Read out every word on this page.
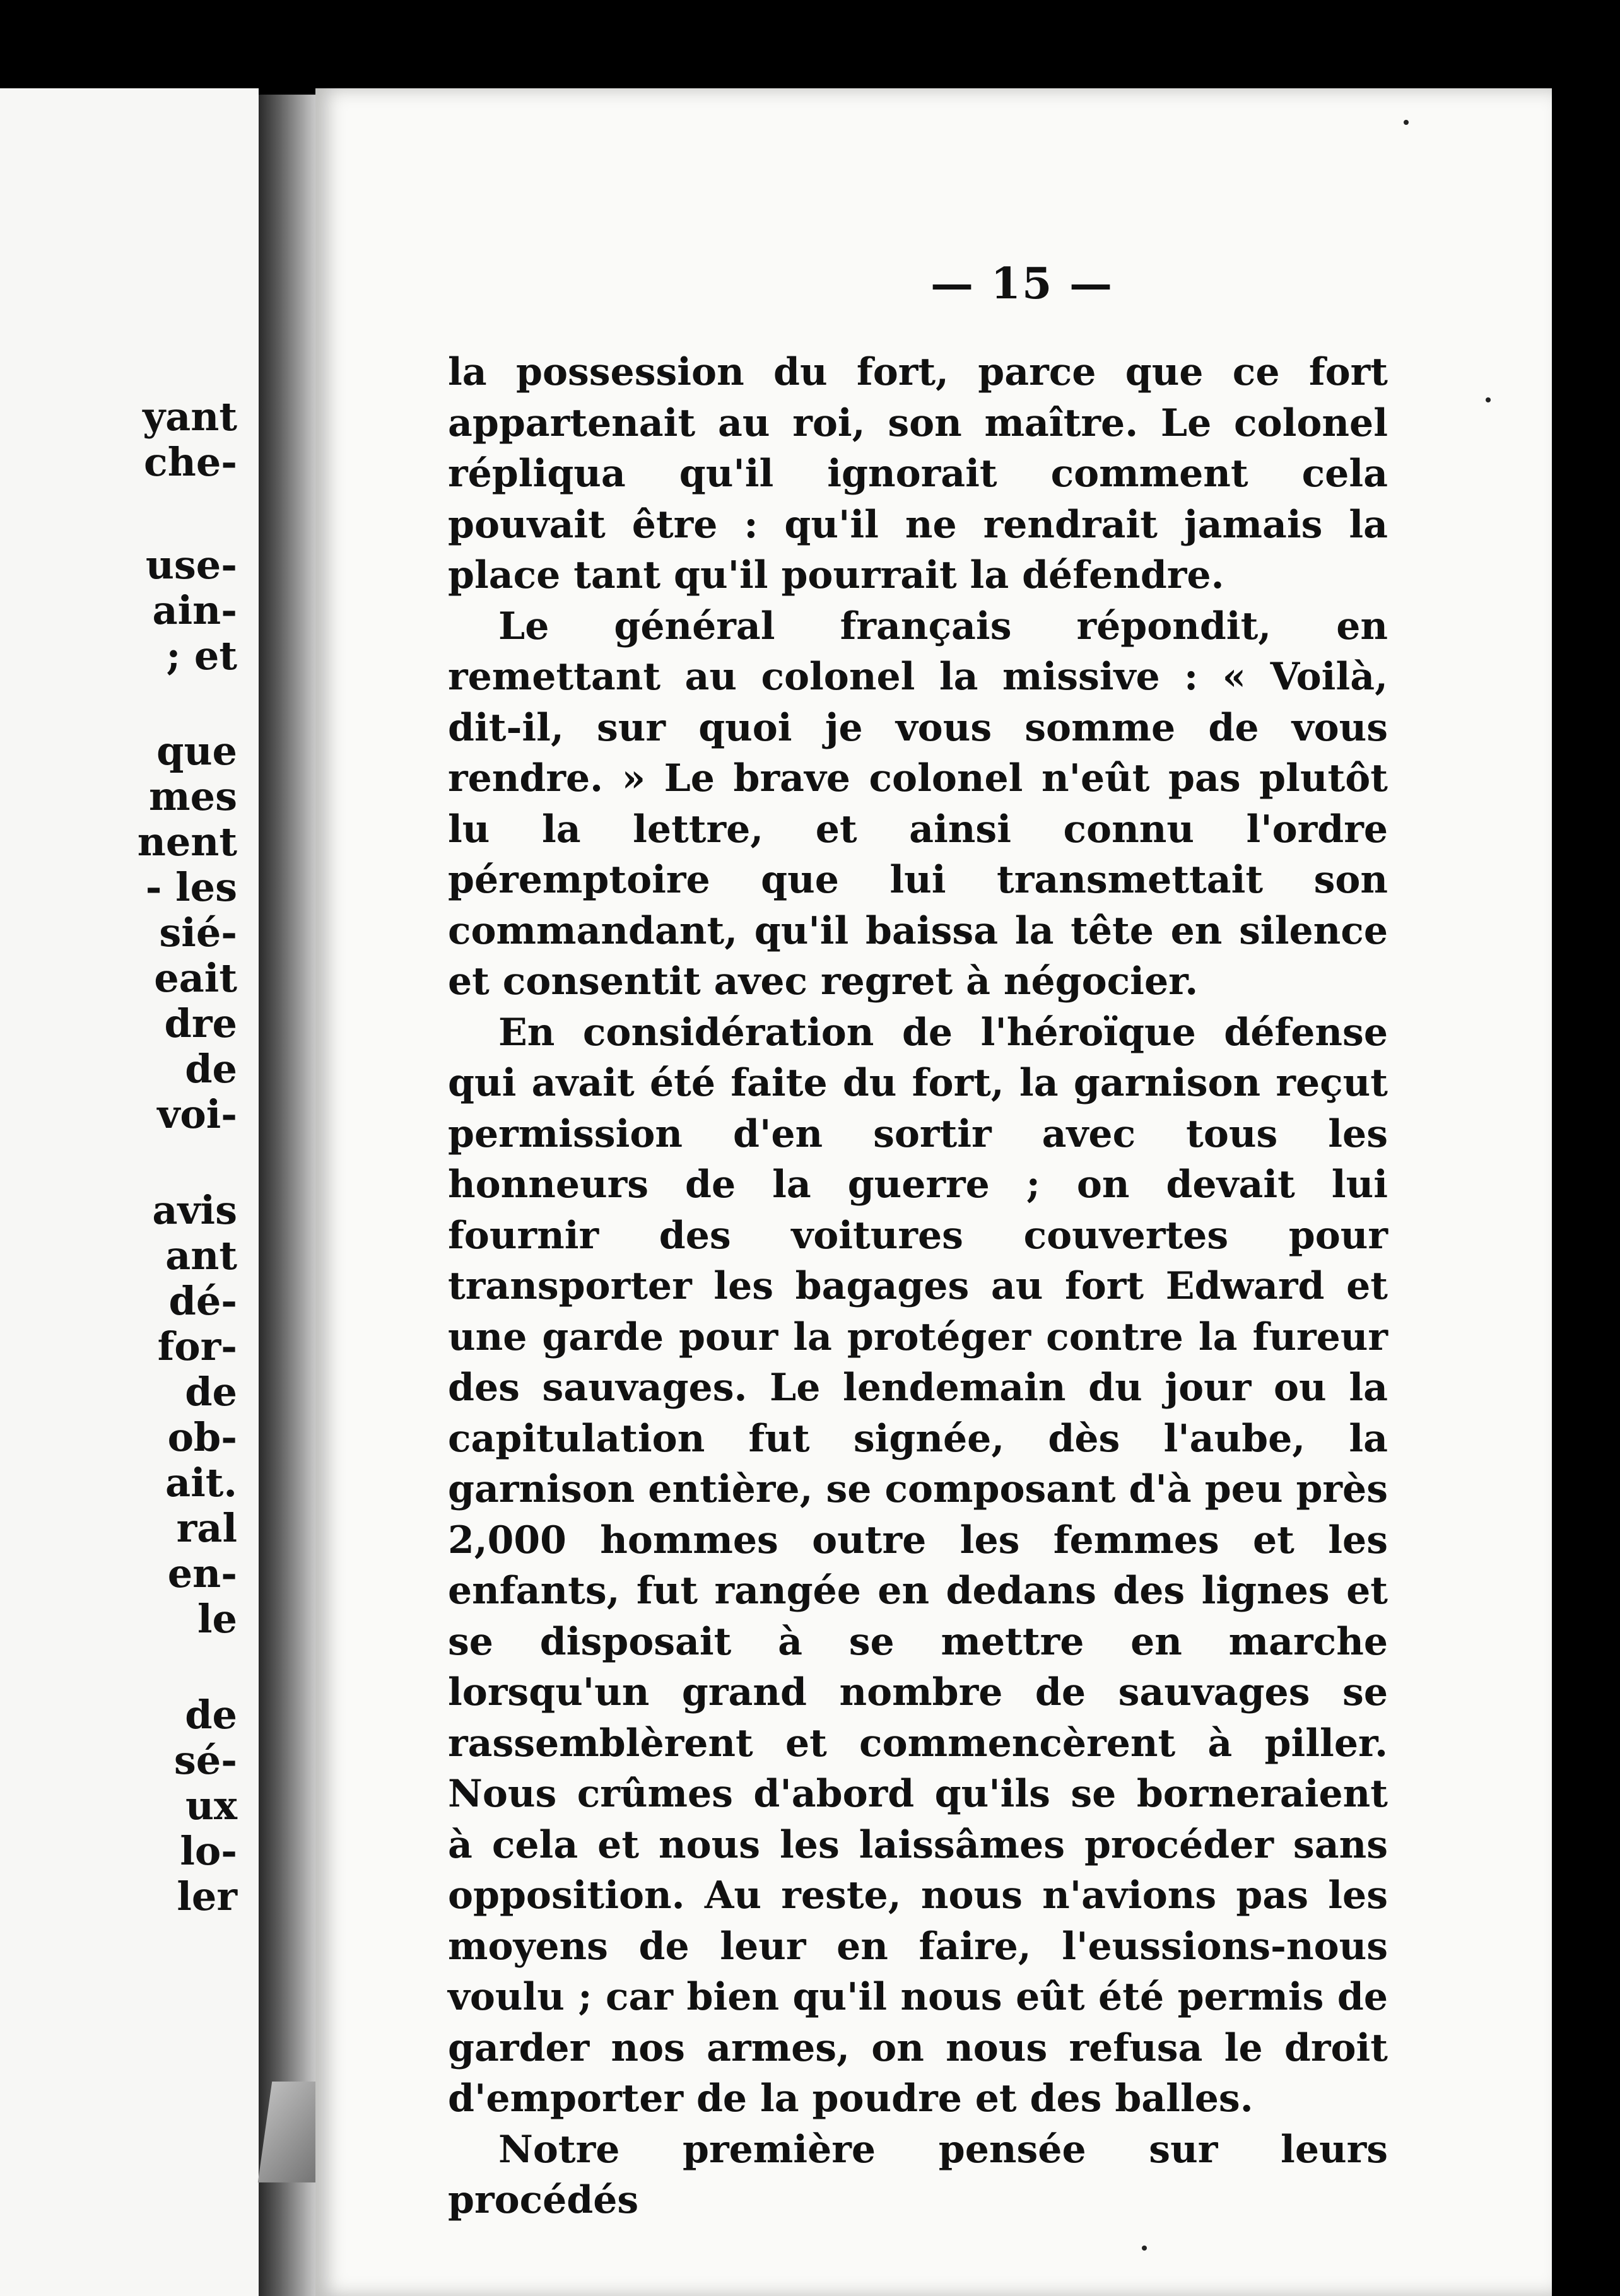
yant
che-
use-
ain-
; et
que
mes
nent
- les
sié-
eait
dre
de
voi-
avis
ant
dé-
for-
de
ob-
ait.
ral
en-
le
de
sé-
ux
lo-
ler
— 15 —

la possession du fort, parce que ce fort appartenait au roi, son maître. Le colonel répliqua qu'il ignorait comment cela pouvait être : qu'il ne rendrait jamais la place tant qu'il pourrait la défendre.

Le général français répondit, en remettant au colonel la missive : « Voilà, dit-il, sur quoi je vous somme de vous rendre. » Le brave colonel n'eût pas plutôt lu la lettre, et ainsi connu l'ordre péremptoire que lui transmettait son commandant, qu'il baissa la tête en silence et consentit avec regret à négocier.

En considération de l'héroïque défense qui avait été faite du fort, la garnison reçut permission d'en sortir avec tous les honneurs de la guerre ; on devait lui fournir des voitures couvertes pour transporter les bagages au fort Edward et une garde pour la protéger contre la fureur des sauvages. Le lendemain du jour ou la capitulation fut signée, dès l'aube, la garnison entière, se composant d'à peu près 2,000 hommes outre les femmes et les enfants, fut rangée en dedans des lignes et se disposait à se mettre en marche lorsqu'un grand nombre de sauvages se rassemblèrent et commencèrent à piller. Nous crûmes d'abord qu'ils se borneraient à cela et nous les laissâmes procéder sans opposition. Au reste, nous n'avions pas les moyens de leur en faire, l'eussions-nous voulu ; car bien qu'il nous eût été permis de garder nos armes, on nous refusa le droit d'emporter de la poudre et des balles.

Notre première pensée sur leurs procédés
